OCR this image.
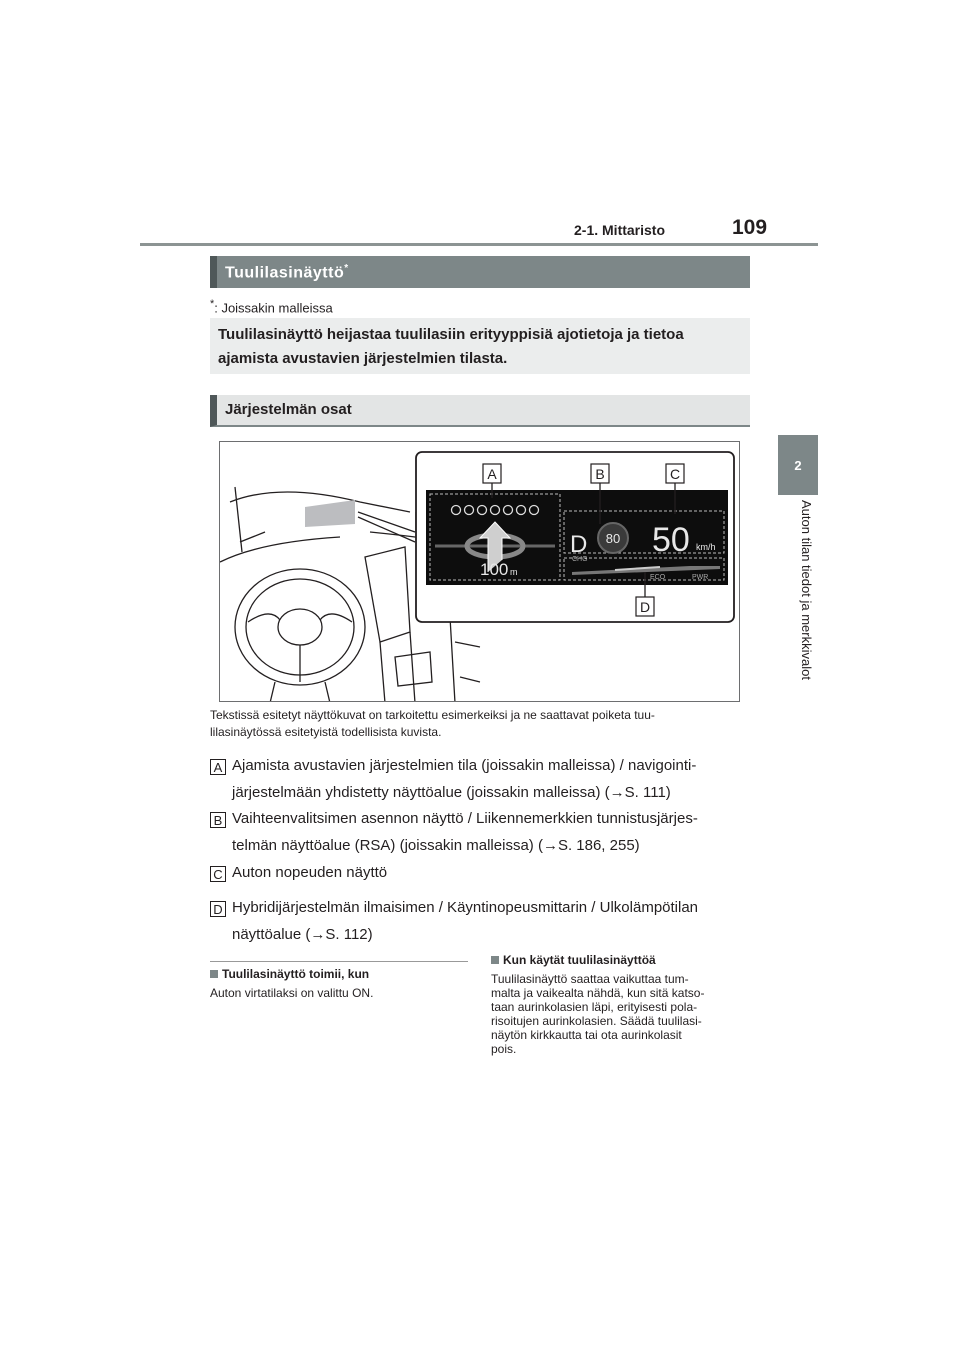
2-1. Mittaristo	109
2
Auton tilan tiedot ja merkkivalot
Tuulilasinäyttö*
*: Joissakin malleissa
Tuulilasinäyttö heijastaa tuulilasiin erityyppisiä ajotietoja ja tietoa
ajamista avustavien järjestelmien tilasta.
Järjestelmän osat
A	B	C
D
100 m
D 80
CHG
50 km/h
ECO	PWR
Tekstissä esitetyt näyttökuvat on tarkoitettu esimerkeiksi ja ne saattavat poiketa tuu-
lilasinäytössä esitetyistä todellisista kuvista.
A Ajamista avustavien järjestelmien tila (joissakin malleissa) / navigointi-
järjestelmään yhdistetty näyttöalue (joissakin malleissa) (→S. 111)
B Vaihteenvalitsimen asennon näyttö / Liikennemerkkien tunnistusjärjes-
telmän näyttöalue (RSA) (joissakin malleissa) (→S. 186, 255)
C Auton nopeuden näyttö
D Hybridijärjestelmän ilmaisimen / Käyntinopeusmittarin / Ulkolämpötilan
näyttöalue (→S. 112)
Tuulilasinäyttö toimii, kun
Auton virtatilaksi on valittu ON.
Kun käytät tuulilasinäyttöä
Tuulilasinäyttö saattaa vaikuttaa tum-
malta ja vaikealta nähdä, kun sitä katso-
taan aurinkolasien läpi, erityisesti pola-
risoitujen aurinkolasien. Säädä tuulilasi-
näytön kirkkautta tai ota aurinkolasit
pois.
